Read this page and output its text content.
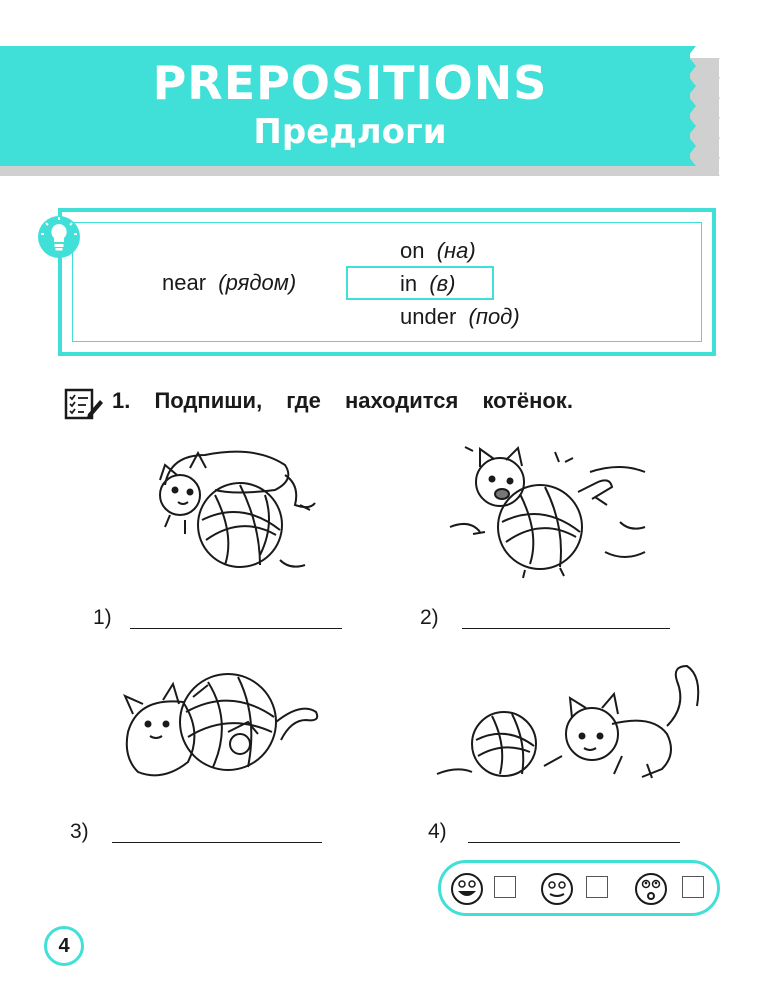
PREPOSITIONS
Предлоги
near (рядом)
on (на)
in (в)
under (под)
1. Подпиши, где находится котёнок.
1)	2)
3)	4)
4
